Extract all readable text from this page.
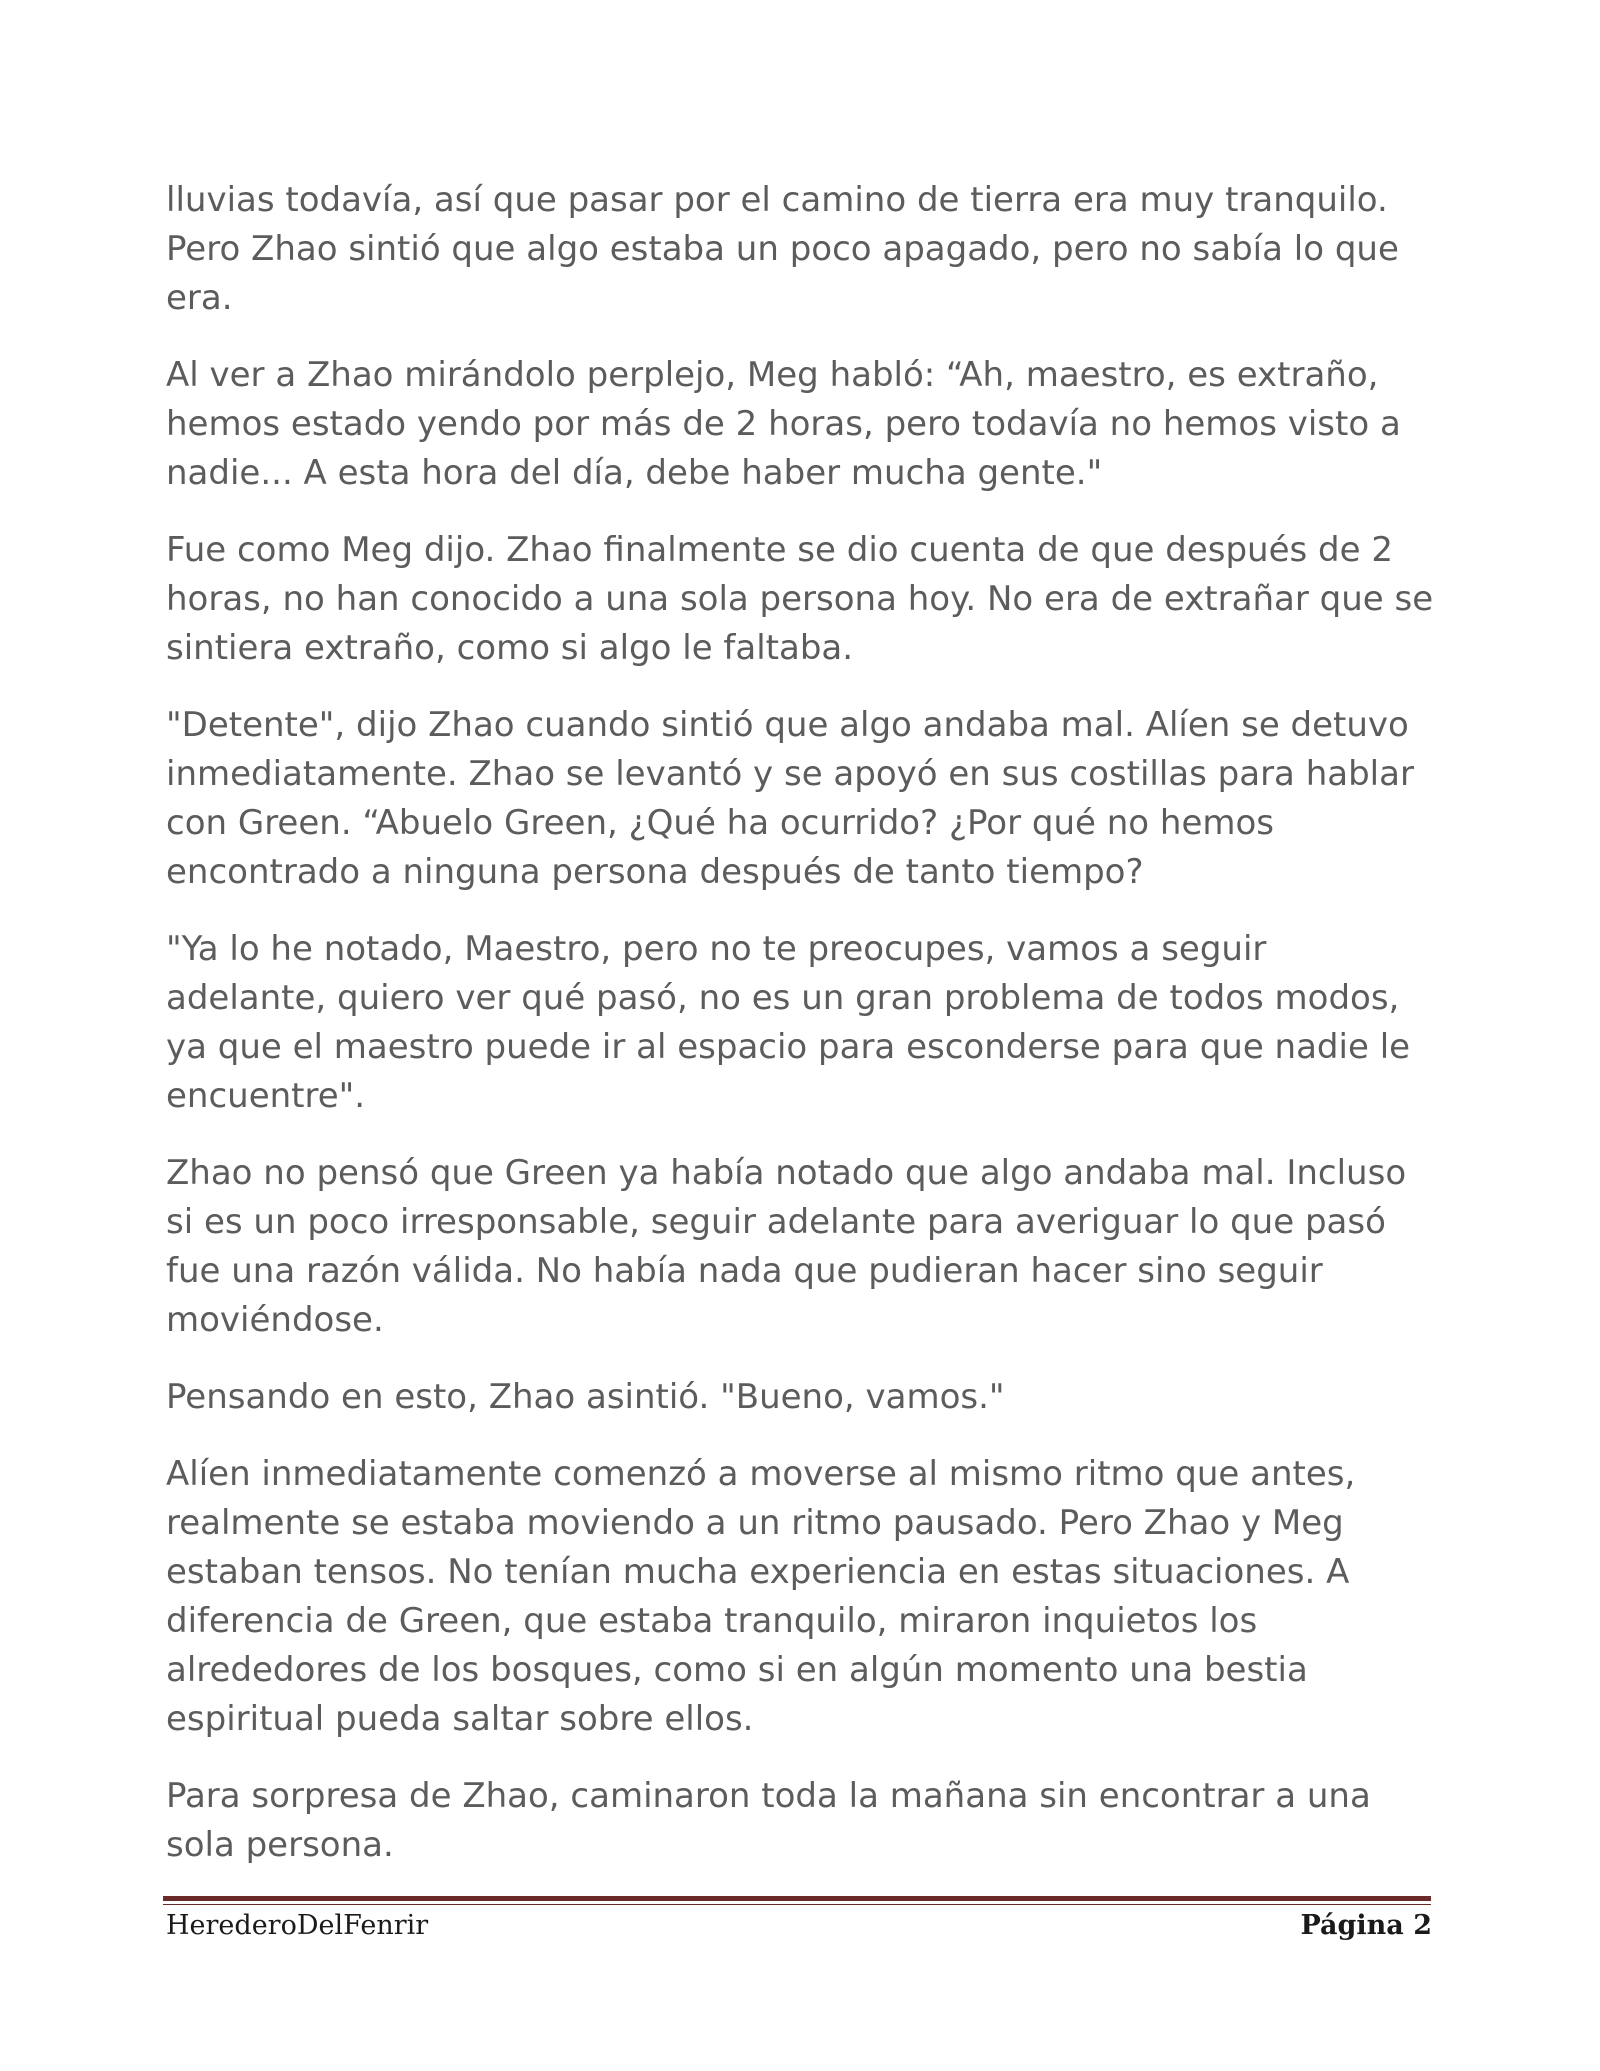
lluvias todavía, así que pasar por el camino de tierra era muy tranquilo. Pero Zhao sintió que algo estaba un poco apagado, pero no sabía lo que era.

Al ver a Zhao mirándolo perplejo, Meg habló: “Ah, maestro, es extraño, hemos estado yendo por más de 2 horas, pero todavía no hemos visto a nadie... A esta hora del día, debe haber mucha gente."

Fue como Meg dijo. Zhao finalmente se dio cuenta de que después de 2 horas, no han conocido a una sola persona hoy. No era de extrañar que se sintiera extraño, como si algo le faltaba.

"Detente", dijo Zhao cuando sintió que algo andaba mal. Alíen se detuvo inmediatamente. Zhao se levantó y se apoyó en sus costillas para hablar con Green. “Abuelo Green, ¿Qué ha ocurrido? ¿Por qué no hemos encontrado a ninguna persona después de tanto tiempo?

"Ya lo he notado, Maestro, pero no te preocupes, vamos a seguir adelante, quiero ver qué pasó, no es un gran problema de todos modos, ya que el maestro puede ir al espacio para esconderse para que nadie le encuentre".

Zhao no pensó que Green ya había notado que algo andaba mal. Incluso si es un poco irresponsable, seguir adelante para averiguar lo que pasó fue una razón válida. No había nada que pudieran hacer sino seguir moviéndose.

Pensando en esto, Zhao asintió. "Bueno, vamos."

Alíen inmediatamente comenzó a moverse al mismo ritmo que antes, realmente se estaba moviendo a un ritmo pausado. Pero Zhao y Meg estaban tensos. No tenían mucha experiencia en estas situaciones. A diferencia de Green, que estaba tranquilo, miraron inquietos los alrededores de los bosques, como si en algún momento una bestia espiritual pueda saltar sobre ellos.

Para sorpresa de Zhao, caminaron toda la mañana sin encontrar a una sola persona.

HerederoDelFenrir	Página 2
